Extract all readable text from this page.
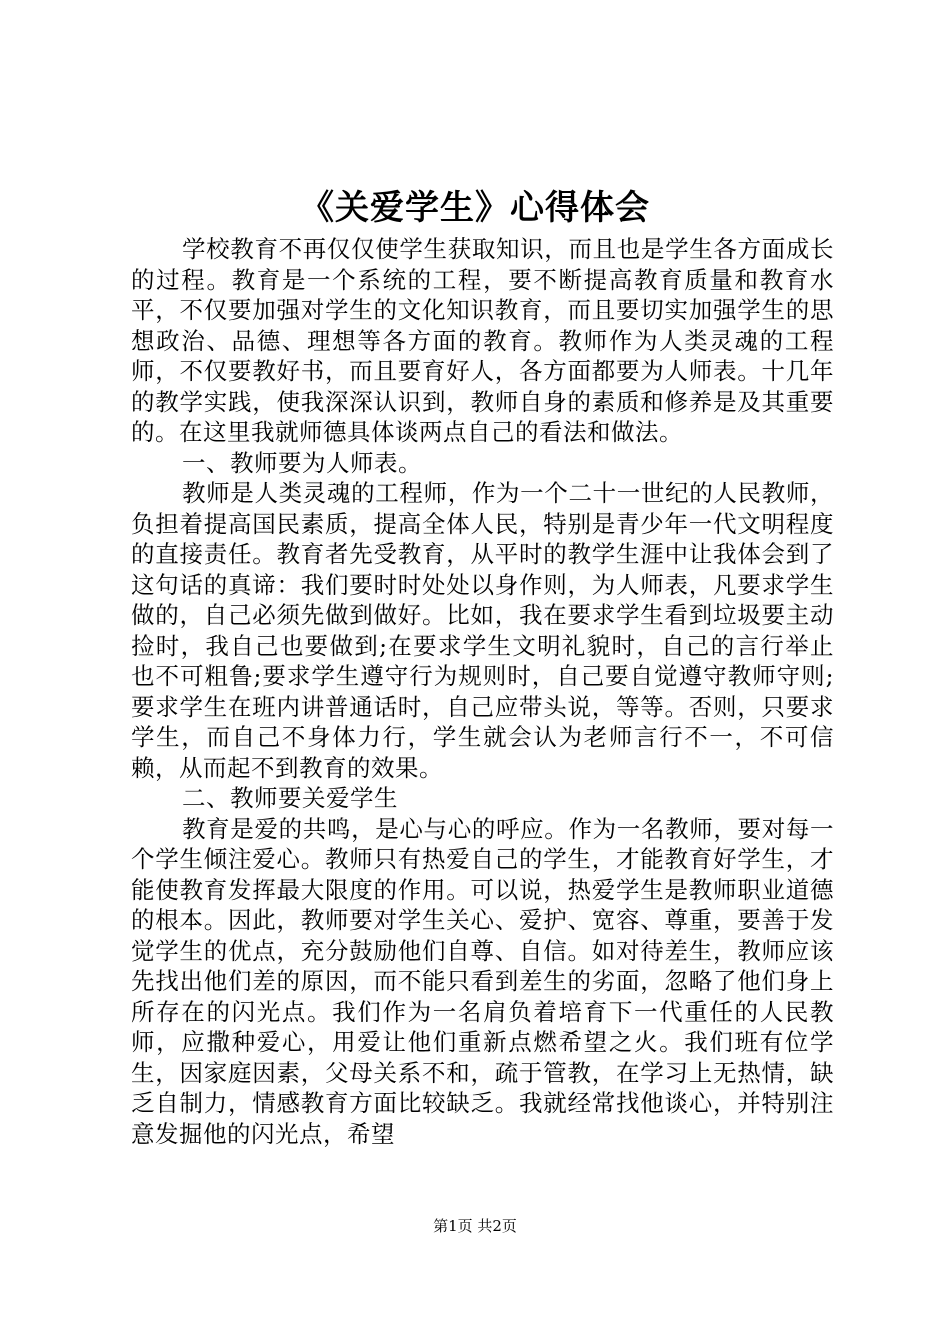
《关爱学生》心得体会

学校教育不再仅仅使学生获取知识，而且也是学生各方面成长的过程。教育是一个系统的工程，要不断提高教育质量和教育水平，不仅要加强对学生的文化知识教育，而且要切实加强学生的思想政治、品德、理想等各方面的教育。教师作为人类灵魂的工程师，不仅要教好书，而且要育好人，各方面都要为人师表。十几年的教学实践，使我深深认识到，教师自身的素质和修养是及其重要的。在这里我就师德具体谈两点自己的看法和做法。

一、教师要为人师表。

教师是人类灵魂的工程师，作为一个二十一世纪的人民教师，负担着提高国民素质，提高全体人民，特别是青少年一代文明程度的直接责任。教育者先受教育，从平时的教学生涯中让我体会到了这句话的真谛：我们要时时处处以身作则，为人师表，凡要求学生做的，自己必须先做到做好。比如，我在要求学生看到垃圾要主动捡时，我自己也要做到;在要求学生文明礼貌时，自己的言行举止也不可粗鲁;要求学生遵守行为规则时，自己要自觉遵守教师守则;要求学生在班内讲普通话时，自己应带头说，等等。否则，只要求学生，而自己不身体力行，学生就会认为老师言行不一，不可信赖，从而起不到教育的效果。

二、教师要关爱学生

教育是爱的共鸣，是心与心的呼应。作为一名教师，要对每一个学生倾注爱心。教师只有热爱自己的学生，才能教育好学生，才能使教育发挥最大限度的作用。可以说，热爱学生是教师职业道德的根本。因此，教师要对学生关心、爱护、宽容、尊重，要善于发觉学生的优点，充分鼓励他们自尊、自信。如对待差生，教师应该先找出他们差的原因，而不能只看到差生的劣面，忽略了他们身上所存在的闪光点。我们作为一名肩负着培育下一代重任的人民教师，应撒种爱心，用爱让他们重新点燃希望之火。我们班有位学生，因家庭因素，父母关系不和，疏于管教，在学习上无热情，缺乏自制力，情感教育方面比较缺乏。我就经常找他谈心，并特别注意发掘他的闪光点，希望

第1页 共2页
